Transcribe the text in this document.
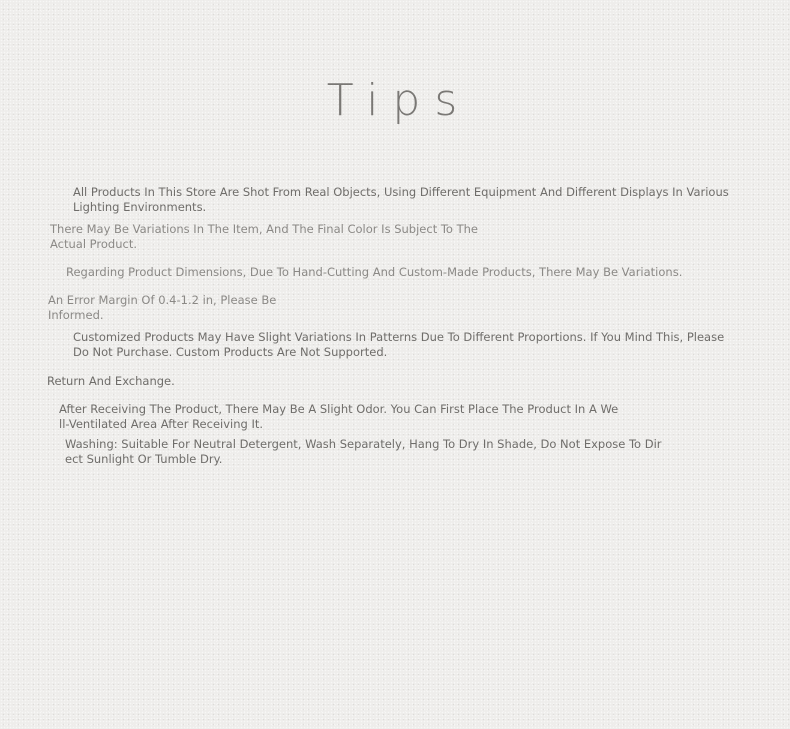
Tips

All Products In This Store Are Shot From Real Objects, Using Different Equipment And Different Displays In Various
Lighting Environments.

There May Be Variations In The Item, And The Final Color Is Subject To The
Actual Product.

Regarding Product Dimensions, Due To Hand-Cutting And Custom-Made Products, There May Be Variations.

An Error Margin Of 0.4-1.2 in, Please Be
Informed.

Customized Products May Have Slight Variations In Patterns Due To Different Proportions. If You Mind This, Please
Do Not Purchase. Custom Products Are Not Supported.

Return And Exchange.

After Receiving The Product, There May Be A Slight Odor. You Can First Place The Product In A We
ll-Ventilated Area After Receiving It.

Washing: Suitable For Neutral Detergent, Wash Separately, Hang To Dry In Shade, Do Not Expose To Dir
ect Sunlight Or Tumble Dry.
